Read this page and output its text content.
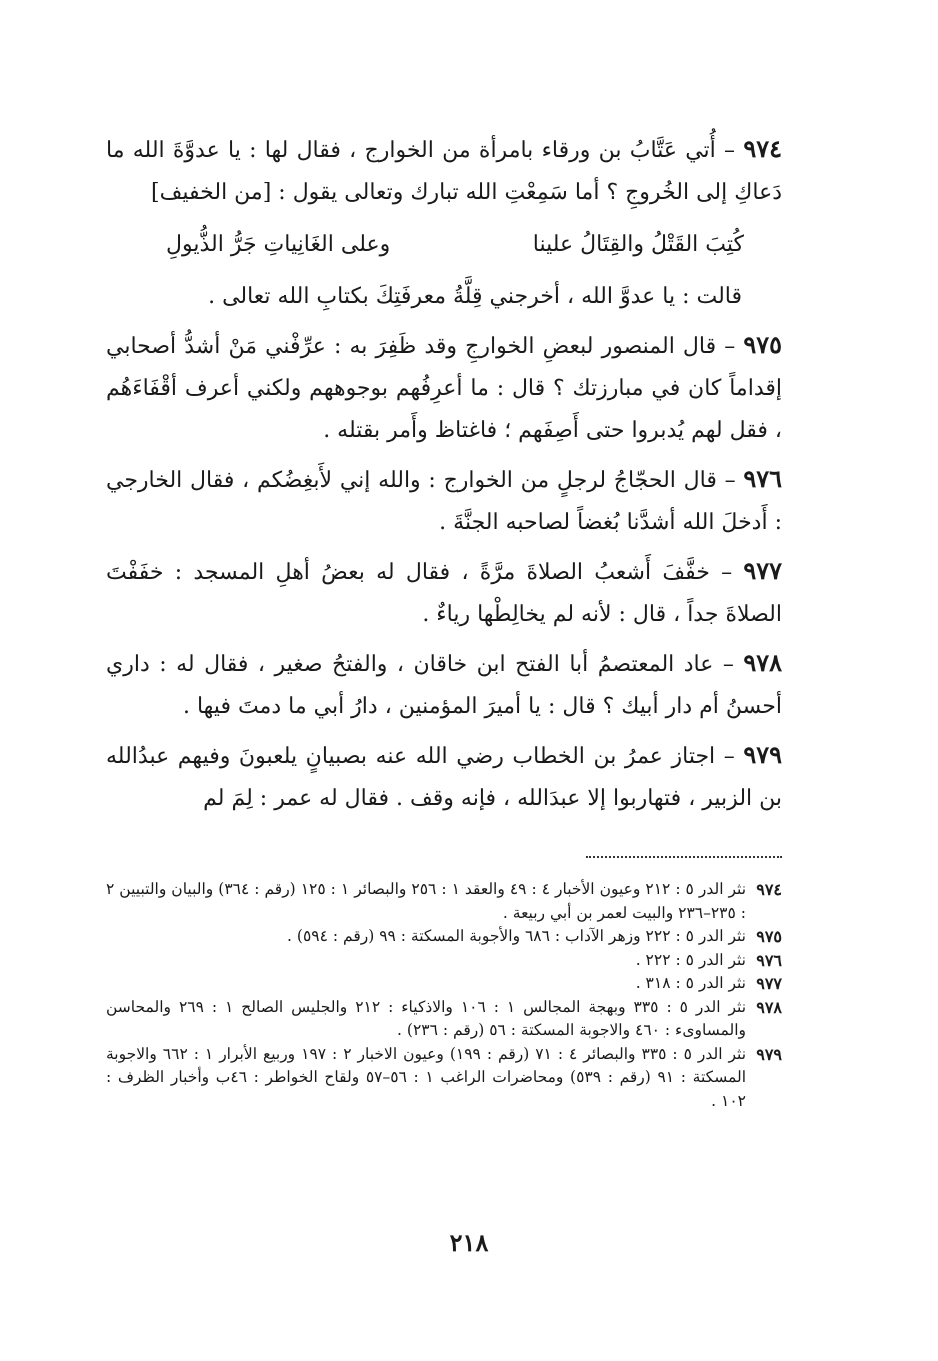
٩٧٤ – أُتي عَتَّابُ بن ورقاء بامرأة من الخوارج ، فقال لها : يا عدوَّةَ الله ما دَعاكِ إلى الخُروجِ ؟ أما سَمِعْتِ الله تبارك وتعالى يقول : [من الخفيف]

كُتِبَ القَتْلُ والقِتَالُ علينا
وعلى الغَانِياتِ جَرُّ الذُّيولِ

قالت : يا عدوَّ الله ، أخرجني قِلَّةُ معرفَتِكَ بكتابِ الله تعالى .

٩٧٥ – قال المنصور لبعضِ الخوارجِ وقد ظَفِرَ به : عرِّفْني مَنْ أشدُّ أصحابي إقداماً كان في مبارزتك ؟ قال : ما أعرِفُهم بوجوههم ولكني أعرف أقْفَاءَهُم ، فقل لهم يُدبروا حتى أَصِفَهم ؛ فاغتاظ وأَمر بقتله .

٩٧٦ – قال الحجّاجُ لرجلٍ من الخوارج : والله إني لأَبغِضُكم ، فقال الخارجي : أَدخلَ الله أشدَّنا بُغضاً لصاحبه الجنَّةَ .

٩٧٧ – خفَّفَ أَشعبُ الصلاةَ مرَّةً ، فقال له بعضُ أهلِ المسجد : خفَفْتَ الصلاةَ جداً ، قال : لأنه لم يخالِطْها رياءٌ .

٩٧٨ – عاد المعتصمُ أبا الفتح ابن خاقان ، والفتحُ صغير ، فقال له : داري أحسنُ أم دار أبيك ؟ قال : يا أميرَ المؤمنين ، دارُ أبي ما دمتَ فيها .

٩٧٩ – اجتاز عمرُ بن الخطاب رضي الله عنه بصبيانٍ يلعبونَ وفيهم عبدُالله بن الزبير ، فتهاربوا إلا عبدَالله ، فإنه وقف . فقال له عمر : لِمَ لم

٩٧٤
نثر الدر ٥ : ٢١٢ وعيون الأخبار ٤ : ٤٩ والعقد ١ : ٢٥٦ والبصائر ١ : ١٢٥ (رقم : ٣٦٤) والبيان والتبيين ٢ : ٢٣٥–٢٣٦ والبيت لعمر بن أبي ربيعة .

٩٧٥
نثر الدر ٥ : ٢٢٢ وزهر الآداب : ٦٨٦ والأجوبة المسكتة : ٩٩ (رقم : ٥٩٤) .

٩٧٦
نثر الدر ٥ : ٢٢٢ .

٩٧٧
نثر الدر ٥ : ٣١٨ .

٩٧٨
نثر الدر ٥ : ٣٣٥ وبهجة المجالس ١ : ١٠٦ والاذكياء : ٢١٢ والجليس الصالح ١ : ٢٦٩ والمحاسن والمساوىء : ٤٦٠ والاجوبة المسكتة : ٥٦ (رقم : ٢٣٦) .

٩٧٩
نثر الدر ٥ : ٣٣٥ والبصائر ٤ : ٧١ (رقم : ١٩٩) وعيون الاخبار ٢ : ١٩٧ وربيع الأبرار ١ : ٦٦٢ والاجوبة المسكتة : ٩١ (رقم : ٥٣٩) ومحاضرات الراغب ١ : ٥٦–٥٧ ولقاح الخواطر : ٤٦ب وأخبار الظرف : ١٠٢ .

٢١٨
